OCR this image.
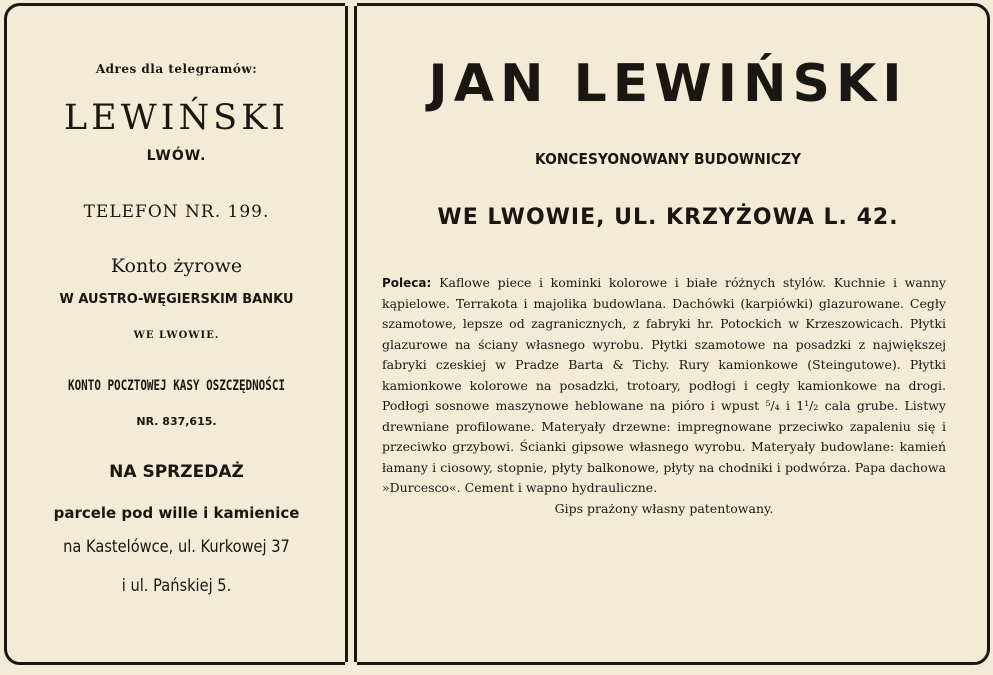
Adres dla telegramów:
LEWIŃSKI
LWÓW.
TELEFON NR. 199.
Konto żyrowe
W AUSTRO-WĘGIERSKIM BANKU
WE LWOWIE.
KONTO POCZTOWEJ KASY OSZCZĘDNOŚCI
NR. 837,615.
NA SPRZEDAŻ
parcele pod wille i kamienice
na Kastelówce, ul. Kurkowej 37
i ul. Pańskiej 5.
JAN LEWIŃSKI
KONCESYONOWANY BUDOWNICZY
WE LWOWIE, UL. KRZYŻOWA L. 42.
Poleca: Kaflowe piece i kominki kolorowe i białe różnych stylów. Kuchnie i wanny kąpielowe. Terrakota i majolika budowlana. Dachówki (karpiówki) glazurowane. Cegły szamotowe, lepsze od zagranicznych, z fabryki hr. Potockich w Krzeszowicach. Płytki glazurowe na ściany własnego wyrobu. Płytki szamotowe na posadzki z największej fabryki czeskiej w Pradze Barta & Tichy. Rury kamionkowe (Steingutowe). Płytki kamionkowe kolorowe na posadzki, trotoary, podłogi i cegły kamionkowe na drogi. Podłogi sosnowe maszynowe heblowane na pióro i wpust ⁵/₄ i 1¹/₂ cala grube. Listwy drewniane profilowane. Materyały drzewne: impregnowane przeciwko zapaleniu się i przeciwko grzybowi. Ścianki gipsowe własnego wyrobu. Materyały budowlane: kamień łamany i ciosowy, stopnie, płyty balkonowe, płyty na chodniki i podwórza. Papa dachowa »Durcesco«. Cement i wapno hydrauliczne.
Gips prażony własny patentowany.
